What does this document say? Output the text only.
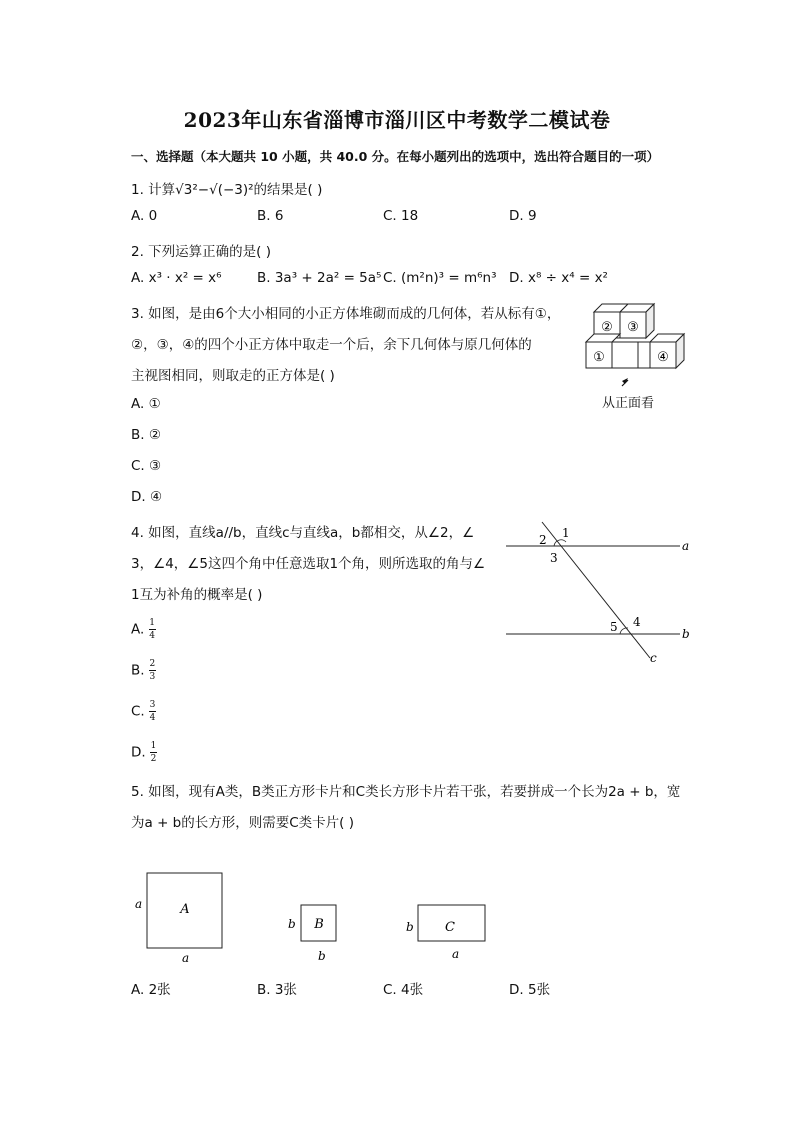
2023年山东省淄博市淄川区中考数学二模试卷
一、选择题（本大题共 10 小题，共 40.0 分。在每小题列出的选项中，选出符合题目的一项）
1. 计算√3²−√(−3)²的结果是( )
A. 0	B. 6	C. 18	D. 9
2. 下列运算正确的是( )
A. x³ · x² = x⁶	B. 3a³ + 2a² = 5a⁵ C. (m²n)³ = m⁶n³ D. x⁸ ÷ x⁴ = x²
3. 如图，是由6个大小相同的小正方体堆砌而成的几何体，若从标有①，
②，③，④的四个小正方体中取走一个后，余下几何体与原几何体的
主视图相同，则取走的正方体是( )
A. ①
B. ②
C. ③
D. ④
② ③
①	④
从正面看
4. 如图，直线a//b，直线c与直线a，b都相交，从∠2，∠
3，∠4，∠5这四个角中任意选取1个角，则所选取的角与∠
1互为补角的概率是( )
A. $\frac{1}{4}$
B. $\frac{2}{3}$
C. $\frac{3}{4}$
D. $\frac{1}{2}$
1
2
3
4
5
a
b
c
5. 如图，现有A类，B类正方形卡片和C类长方形卡片若干张，若要拼成一个长为2a + b，宽
为a + b的长方形，则需要C类卡片( )
A
a
a
B
b
b
C
b
a
A. 2张	B. 3张	C. 4张	D. 5张
